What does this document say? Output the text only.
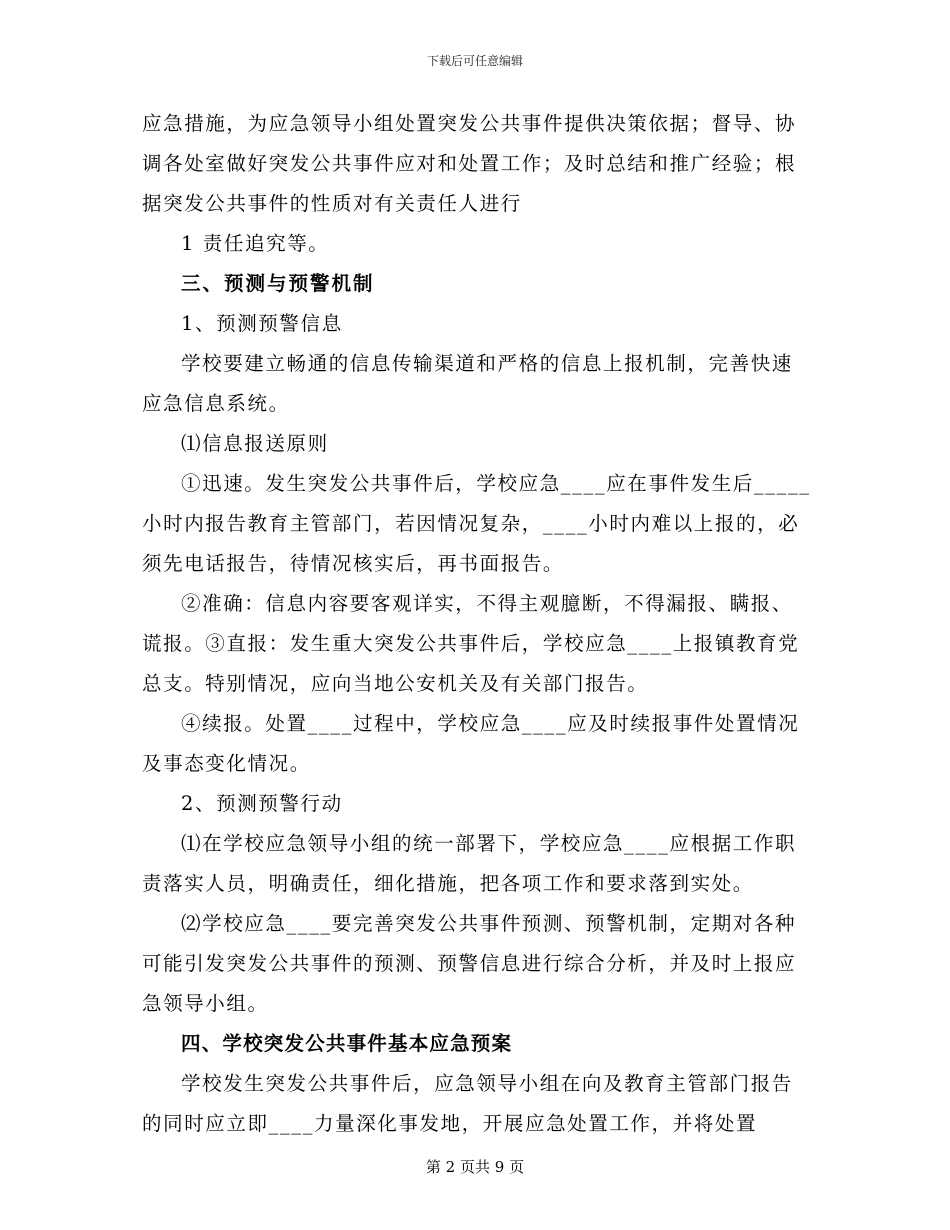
下载后可任意编辑

应急措施，为应急领导小组处置突发公共事件提供决策依据；督导、协调各处室做好突发公共事件应对和处置工作；及时总结和推广经验；根据突发公共事件的性质对有关责任人进行

1 责任追究等。

三、预测与预警机制

1、预测预警信息

学校要建立畅通的信息传输渠道和严格的信息上报机制，完善快速应急信息系统。

⑴信息报送原则

①迅速。发生突发公共事件后，学校应急____应在事件发生后_____小时内报告教育主管部门，若因情况复杂，____小时内难以上报的，必须先电话报告，待情况核实后，再书面报告。

②准确：信息内容要客观详实，不得主观臆断，不得漏报、瞒报、谎报。③直报：发生重大突发公共事件后，学校应急____上报镇教育党总支。特别情况，应向当地公安机关及有关部门报告。

④续报。处置____过程中，学校应急____应及时续报事件处置情况及事态变化情况。

2、预测预警行动

⑴在学校应急领导小组的统一部署下，学校应急____应根据工作职责落实人员，明确责任，细化措施，把各项工作和要求落到实处。

⑵学校应急____要完善突发公共事件预测、预警机制，定期对各种可能引发突发公共事件的预测、预警信息进行综合分析，并及时上报应急领导小组。

四、学校突发公共事件基本应急预案

学校发生突发公共事件后，应急领导小组在向及教育主管部门报告的同时应立即____力量深化事发地，开展应急处置工作，并将处置

第 2 页共 9 页
